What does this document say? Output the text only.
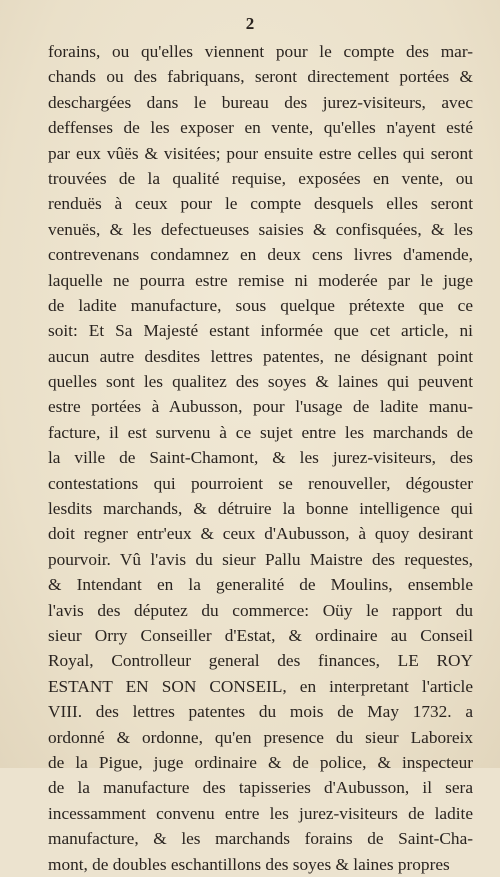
2
forains, ou qu'elles viennent pour le compte des mar-
chands ou des fabriquans, seront directement portées &
deschargées dans le bureau des jurez-visiteurs, avec
deffenses de les exposer en vente, qu'elles n'ayent esté
par eux vûës & visitées; pour ensuite estre celles qui seront
trouvées de la qualité requise, exposées en vente, ou
renduës à ceux pour le compte desquels elles seront
venuës, & les defectueuses saisies & confisquées, & les
contrevenans condamnez en deux cens livres d'amende,
laquelle ne pourra estre remise ni moderée par le juge
de ladite manufacture, sous quelque prétexte que ce
soit: Et Sa Majesté estant informée que cet article, ni
aucun autre desdites lettres patentes, ne désignant point
quelles sont les qualitez des soyes & laines qui peuvent
estre portées à Aubusson, pour l'usage de ladite manu-
facture, il est survenu à ce sujet entre les marchands de
la ville de Saint-Chamont, & les jurez-visiteurs, des
contestations qui pourroient se renouveller, dégouster
lesdits marchands, & détruire la bonne intelligence qui
doit regner entr'eux & ceux d'Aubusson, à quoy desirant
pourvoir. Vû l'avis du sieur Pallu Maistre des requestes,
& Intendant en la generalité de Moulins, ensemble
l'avis des députez du commerce: Oüy le rapport du
sieur Orry Conseiller d'Estat, & ordinaire au Conseil
Royal, Controlleur general des finances, LE ROY
ESTANT EN SON CONSEIL, en interpretant l'article
VIII. des lettres patentes du mois de May 1732. a
ordonné & ordonne, qu'en presence du sieur Laboreix
de la Pigue, juge ordinaire & de police, & inspecteur
de la manufacture des tapisseries d'Aubusson, il sera
incessamment convenu entre les jurez-visiteurs de ladite
manufacture, & les marchands forains de Saint-Cha-
mont, de doubles eschantillons des soyes & laines propres
